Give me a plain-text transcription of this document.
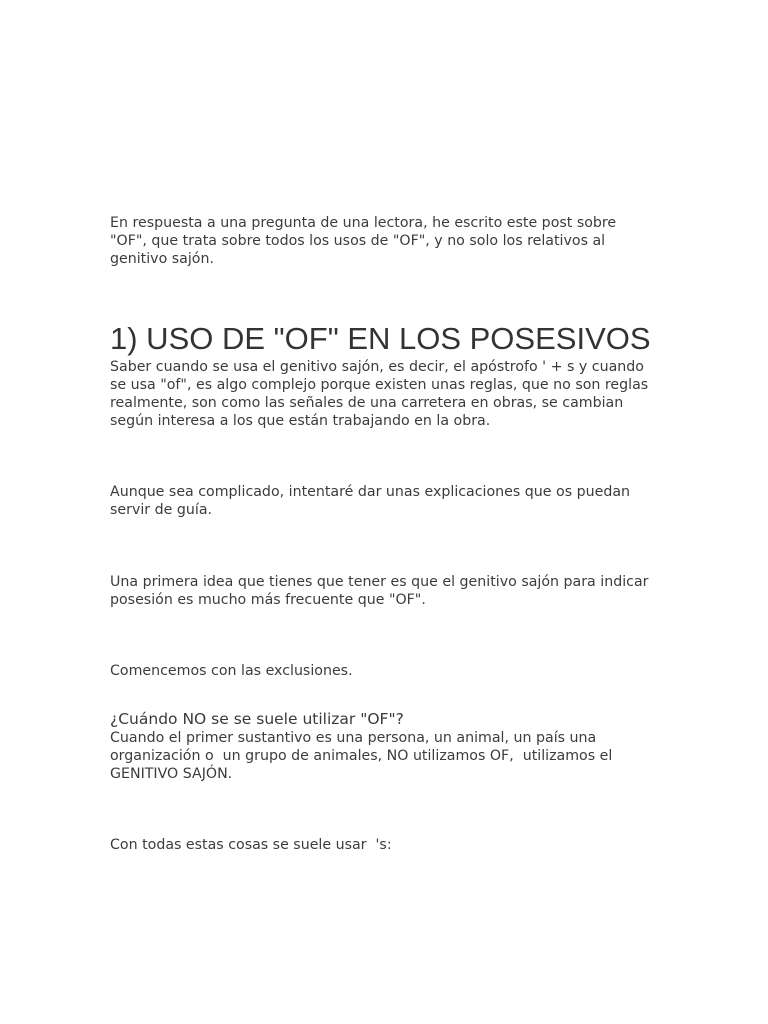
En respuesta a una pregunta de una lectora, he escrito este post sobre
"OF", que trata sobre todos los usos de "OF", y no solo los relativos al
genitivo sajón.
1) USO DE "OF" EN LOS POSESIVOS
Saber cuando se usa el genitivo sajón, es decir, el apóstrofo ' + s y cuando
se usa "of", es algo complejo porque existen unas reglas, que no son reglas
realmente, son como las señales de una carretera en obras, se cambian
según interesa a los que están trabajando en la obra.
Aunque sea complicado, intentaré dar unas explicaciones que os puedan
servir de guía.
Una primera idea que tienes que tener es que el genitivo sajón para indicar
posesión es mucho más frecuente que "OF".
Comencemos con las exclusiones.
¿Cuándo NO se se suele utilizar "OF"?
Cuando el primer sustantivo es una persona, un animal, un país una
organización o  un grupo de animales, NO utilizamos OF,  utilizamos el
GENITIVO SAJÓN.
Con todas estas cosas se suele usar  's:
